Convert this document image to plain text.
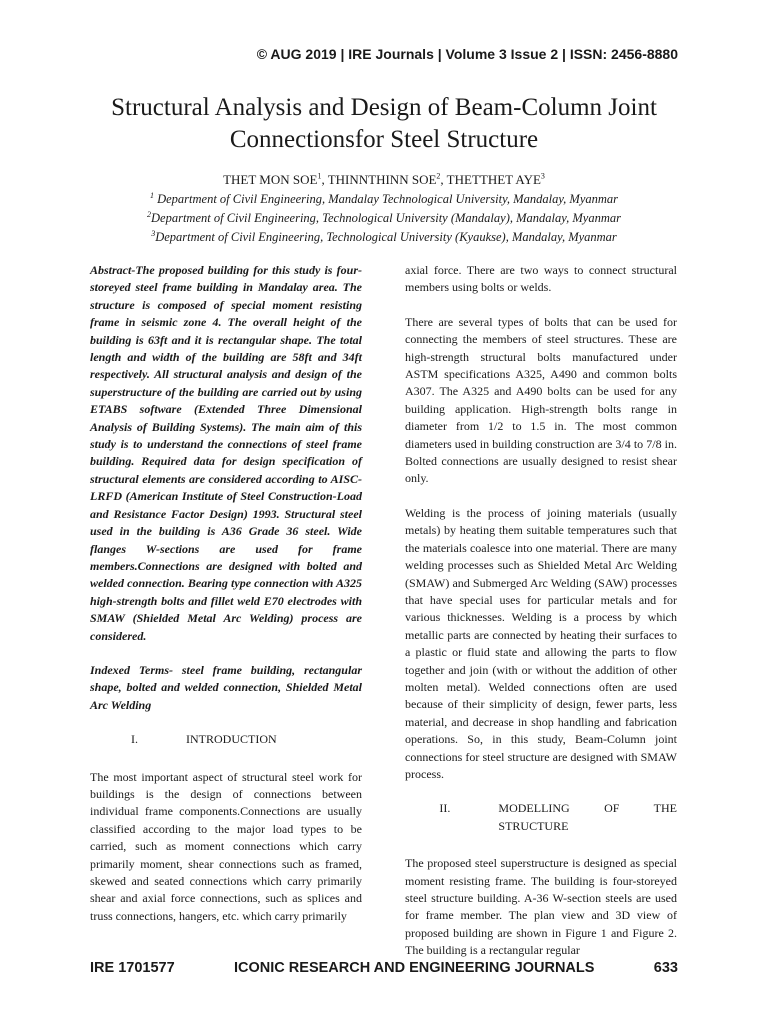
© AUG 2019 | IRE Journals | Volume 3 Issue 2 | ISSN: 2456-8880
Structural Analysis and Design of Beam-Column Joint
Connectionsfor Steel Structure
THET MON SOE$^1$, THINNTHINN SOE$^2$, THETTHET AYE$^3$
$^1$ Department of Civil Engineering, Mandalay Technological University, Mandalay, Myanmar
$^2$Department of Civil Engineering, Technological University (Mandalay), Mandalay, Myanmar
$^3$Department of Civil Engineering, Technological University (Kyaukse), Mandalay, Myanmar

Abstract-The proposed building for this study is four-storeyed steel frame building in Mandalay area. The structure is composed of special moment resisting frame in seismic zone 4. The overall height of the building is 63ft and it is rectangular shape. The total length and width of the building are 58ft and 34ft respectively. All structural analysis and design of the superstructure of the building are carried out by using ETABS software (Extended Three Dimensional Analysis of Building Systems). The main aim of this study is to understand the connections of steel frame building. Required data for design specification of structural elements are considered according to AISC-LRFD (American Institute of Steel Construction-Load and Resistance Factor Design) 1993. Structural steel used in the building is A36 Grade 36 steel. Wide flanges W-sections are used for frame members.Connections are designed with bolted and welded connection. Bearing type connection with A325 high-strength bolts and fillet weld E70 electrodes with SMAW (Shielded Metal Arc Welding) process are considered.

Indexed Terms- steel frame building, rectangular shape, bolted and welded connection, Shielded Metal Arc Welding

I.	INTRODUCTION

The most important aspect of structural steel work for buildings is the design of connections between individual frame components.Connections are usually classified according to the major load types to be carried, such as moment connections which carry primarily moment, shear connections such as framed, skewed and seated connections which carry primarily shear and axial force connections, such as splices and truss connections, hangers, etc. which carry primarily

axial force. There are two ways to connect structural members using bolts or welds.

There are several types of bolts that can be used for connecting the members of steel structures. These are high-strength structural bolts manufactured under ASTM specifications A325, A490 and common bolts A307. The A325 and A490 bolts can be used for any building application. High-strength bolts range in diameter from 1/2 to 1.5 in. The most common diameters used in building construction are 3/4 to 7/8 in. Bolted connections are usually designed to resist shear only.

Welding is the process of joining materials (usually metals) by heating them suitable temperatures such that the materials coalesce into one material. There are many welding processes such as Shielded Metal Arc Welding (SMAW) and Submerged Arc Welding (SAW) processes that have special uses for particular metals and for various thicknesses. Welding is a process by which metallic parts are connected by heating their surfaces to a plastic or fluid state and allowing the parts to flow together and join (with or without the addition of other molten metal). Welded connections often are used because of their simplicity of design, fewer parts, less material, and decrease in shop handling and fabrication operations. So, in this study, Beam-Column joint connections for steel structure are designed with SMAW process.

II.	MODELLING OF THE STRUCTURE

The proposed steel superstructure is designed as special moment resisting frame. The building is four-storeyed steel structure building. A-36 W-section steels are used for frame member. The plan view and 3D view of proposed building are shown in Figure 1 and Figure 2. The building is a rectangular regular

IRE 1701577	ICONIC RESEARCH AND ENGINEERING JOURNALS	633
